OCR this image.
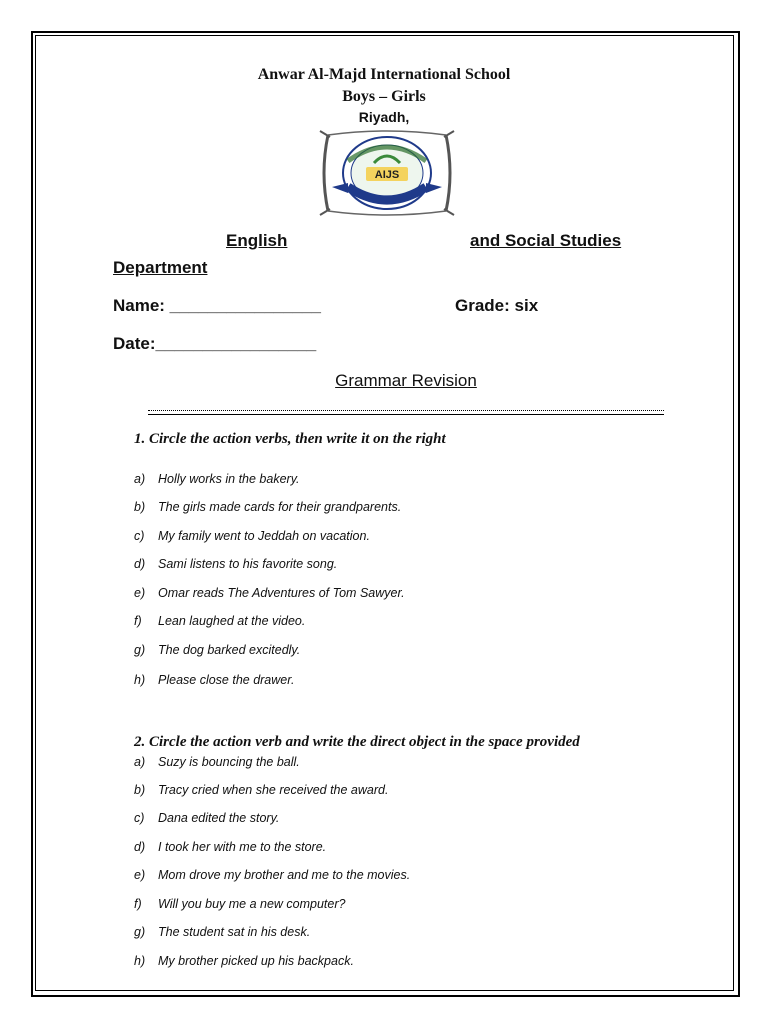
Anwar Al-Majd International School
Boys – Girls
Riyadh,
AIJS
English	and Social Studies
Department
Name: ________________	Grade: six
Date:_________________
Grammar Revision
1. Circle the action verbs, then write it on the right
a) Holly works in the bakery.
b) The girls made cards for their grandparents.
c) My family went to Jeddah on vacation.
d) Sami listens to his favorite song.
e) Omar reads The Adventures of Tom Sawyer.
f) Lean laughed at the video.
g) The dog barked excitedly.
h) Please close the drawer.
2. Circle the action verb and write the direct object in the space provided
a) Suzy is bouncing the ball.
b) Tracy cried when she received the award.
c) Dana edited the story.
d) I took her with me to the store.
e) Mom drove my brother and me to the movies.
f) Will you buy me a new computer?
g) The student sat in his desk.
h) My brother picked up his backpack.
